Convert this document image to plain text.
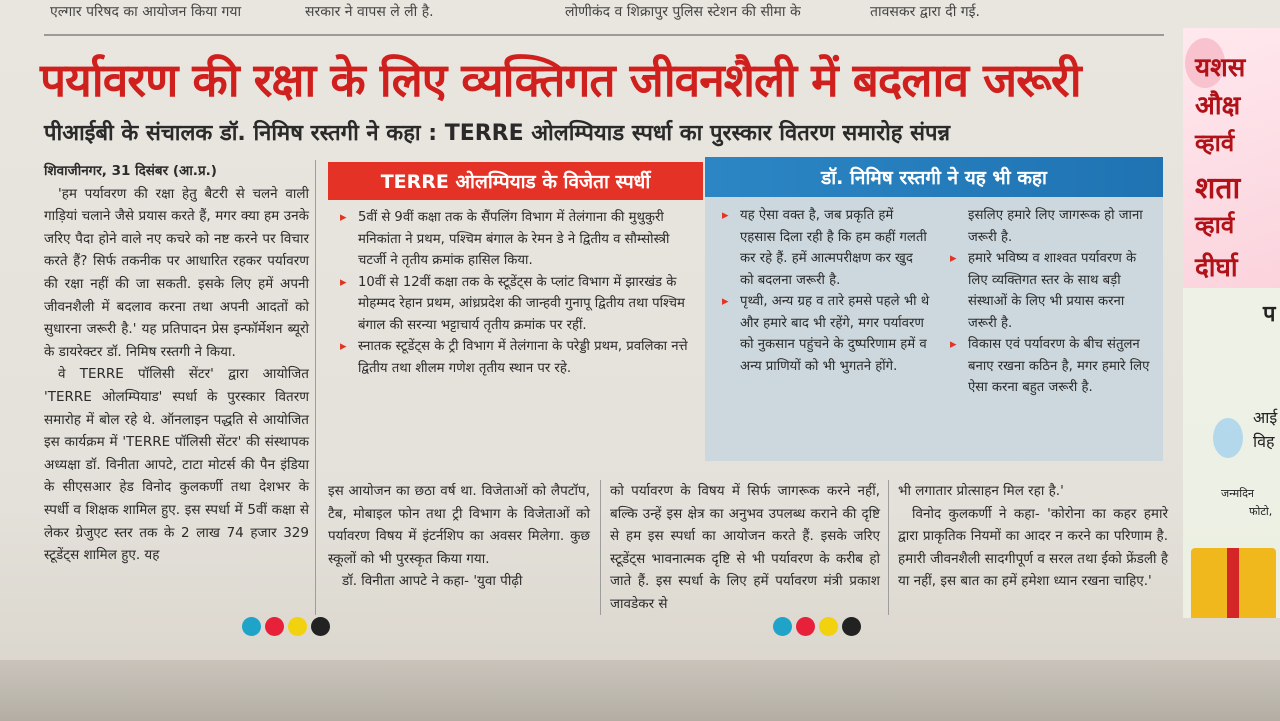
एल्गार परिषद का आयोजन किया गया	सरकार ने वापस ले ली है.	लोणीकंद व शिक्रापुर पुलिस स्टेशन की सीमा के	तावसकर द्वारा दी गई.
पर्यावरण की रक्षा के लिए व्यक्तिगत जीवनशैली में बदलाव जरूरी
पीआईबी के संचालक डॉ. निमिष रस्तगी ने कहा : TERRE ओलम्पियाड स्पर्धा का पुरस्कार वितरण समारोह संपन्न

शिवाजीनगर, 31 दिसंबर (आ.प्र.)

'हम पर्यावरण की रक्षा हेतु बैटरी से चलने वाली गाड़ियां चलाने जैसे प्रयास करते हैं, मगर क्या हम उनके जरिए पैदा होने वाले नए कचरे को नष्ट करने पर विचार करते हैं? सिर्फ तकनीक पर आधारित रहकर पर्यावरण की रक्षा नहीं की जा सकती. इसके लिए हमें अपनी जीवनशैली में बदलाव करना तथा अपनी आदतों को सुधारना जरूरी है.' यह प्रतिपादन प्रेस इन्फॉर्मेशन ब्यूरो के डायरेक्टर डॉ. निमिष रस्तगी ने किया.

वे TERRE पॉलिसी सेंटर' द्वारा आयोजित 'TERRE ओलम्पियाड' स्पर्धा के पुरस्कार वितरण समारोह में बोल रहे थे. ऑनलाइन पद्धति से आयोजित इस कार्यक्रम में 'TERRE पॉलिसी सेंटर' की संस्थापक अध्यक्षा डॉ. विनीता आपटे, टाटा मोटर्स की पैन इंडिया के सीएसआर हेड विनोद कुलकर्णी तथा देशभर के स्पर्धी व शिक्षक शामिल हुए. इस स्पर्धा में 5वीं कक्षा से लेकर ग्रेजुएट स्तर तक के 2 लाख 74 हजार 329 स्टूडेंट्स शामिल हुए. यह

TERRE ओलम्पियाड के विजेता स्पर्धी
▸ 5वीं से 9वीं कक्षा तक के सैंपलिंग विभाग में तेलंगाना की मुथुकुरी मनिकांता ने प्रथम, पश्चिम बंगाल के रेमन डे ने द्वितीय व सौम्सोस्त्री चटर्जी ने तृतीय क्रमांक हासिल किया.
▸ 10वीं से 12वीं कक्षा तक के स्टूडेंट्स के प्लांट विभाग में झारखंड के मोहम्मद रेहान प्रथम, आंध्रप्रदेश की जान्हवी गुनापू द्वितीय तथा पश्चिम बंगाल की सरन्या भट्टाचार्य तृतीय क्रमांक पर रहीं.
▸ स्नातक स्टूडेंट्स के ट्री विभाग में तेलंगाना के परेड्डी प्रथम, प्रवलिका नत्ते द्वितीय तथा शीलम गणेश तृतीय स्थान पर रहे.
डॉ. निमिष रस्तगी ने यह भी कहा
▸ यह ऐसा वक्त है, जब प्रकृति हमें एहसास दिला रही है कि हम कहीं गलती कर रहे हैं. हमें आत्मपरीक्षण कर खुद को बदलना जरूरी है.
▸ पृथ्वी, अन्य ग्रह व तारे हमसे पहले भी थे और हमारे बाद भी रहेंगे, मगर पर्यावरण को नुकसान पहुंचने के दुष्परिणाम हमें व अन्य प्राणियों को भी भुगतने होंगे.
इसलिए हमारे लिए जागरूक हो जाना जरूरी है.
▸ हमारे भविष्य व शाश्वत पर्यावरण के लिए व्यक्तिगत स्तर के साथ बड़ी संस्थाओं के लिए भी प्रयास करना जरूरी है.
▸ विकास एवं पर्यावरण के बीच संतुलन बनाए रखना कठिन है, मगर हमारे लिए ऐसा करना बहुत जरूरी है.

इस आयोजन का छठा वर्ष था. विजेताओं को लैपटॉप, टैब, मोबाइल फोन तथा ट्री विभाग के विजेताओं को पर्यावरण विषय में इंटर्नशिप का अवसर मिलेगा. कुछ स्कूलों को भी पुरस्कृत किया गया.

डॉ. विनीता आपटे ने कहा- 'युवा पीढ़ी

को पर्यावरण के विषय में सिर्फ जागरूक करने नहीं, बल्कि उन्हें इस क्षेत्र का अनुभव उपलब्ध कराने की दृष्टि से हम इस स्पर्धा का आयोजन करते हैं. इसके जरिए स्टूडेंट्स भावनात्मक दृष्टि से भी पर्यावरण के करीब हो जाते हैं. इस स्पर्धा के लिए हमें पर्यावरण मंत्री प्रकाश जावडेकर से

भी लगातार प्रोत्साहन मिल रहा है.'

विनोद कुलकर्णी ने कहा- 'कोरोना का कहर हमारे द्वारा प्राकृतिक नियमों का आदर न करने का परिणाम है. हमारी जीवनशैली सादगीपूर्ण व सरल तथा ईको फ्रेंडली है या नहीं, इस बात का हमें हमेशा ध्यान रखना चाहिए.'

यशस
औक्ष
व्हार्व
शता
व्हार्व
दीर्घा
प
आई
विह
जन्मदिन
फोटो,
